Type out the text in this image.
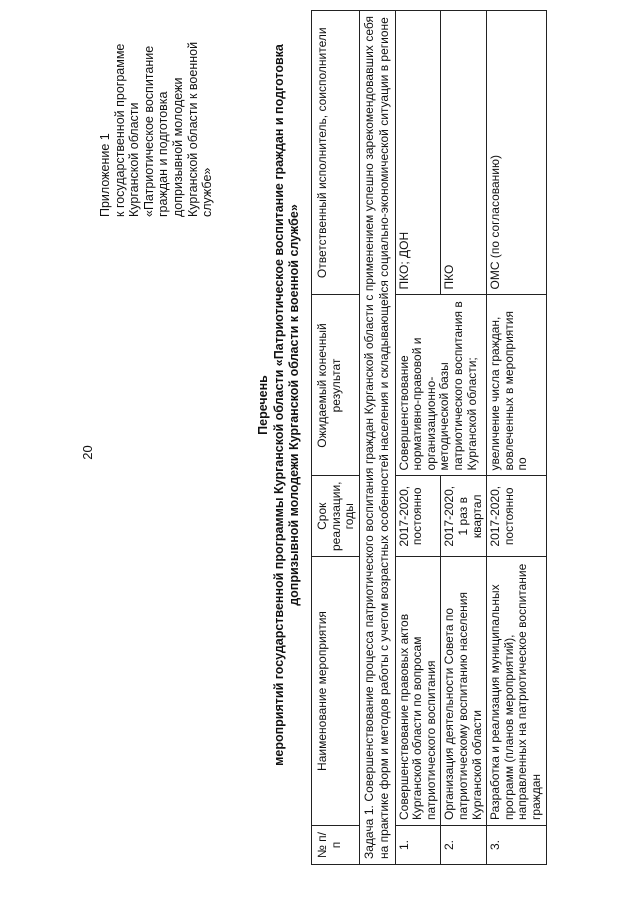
20
Приложение 1 к государственной программе Курганской области «Патриотическое воспитание граждан и подготовка допризывной молодежи Курганской области к военной службе»
Перечень мероприятий государственной программы Курганской области «Патриотическое воспитание граждан и подготовка допризывной молодежи Курганской области к военной службе»
№ п/п	Наименование мероприятия	Срок реализации, годы	Ожидаемый конечный результат	Ответственный исполнитель, соисполнители
Задача 1. Совершенствование процесса патриотического воспитания граждан Курганской области с применением успешно зарекомендовавших себя на практике форм и методов работы с учетом возрастных особенностей населения и складывающейся социально-экономической ситуации в регионе				
1.	Совершенствование правовых актов Курганской области по вопросам патриотического воспитания	2017-2020, постоянно	Совершенствование нормативно-правовой и организационно-методической базы патриотического воспитания в Курганской области;	ПКО; ДОН
2.	Организация деятельности Совета по патриотическому воспитанию населения Курганской области	2017-2020, 1 раз в квартал		ПКО
3.	Разработка и реализация муниципальных программ (планов мероприятий), направленных на патриотическое воспитание граждан	2017-2020, постоянно	увеличение числа граждан, вовлеченных в мероприятия по	ОМС (по согласованию)
